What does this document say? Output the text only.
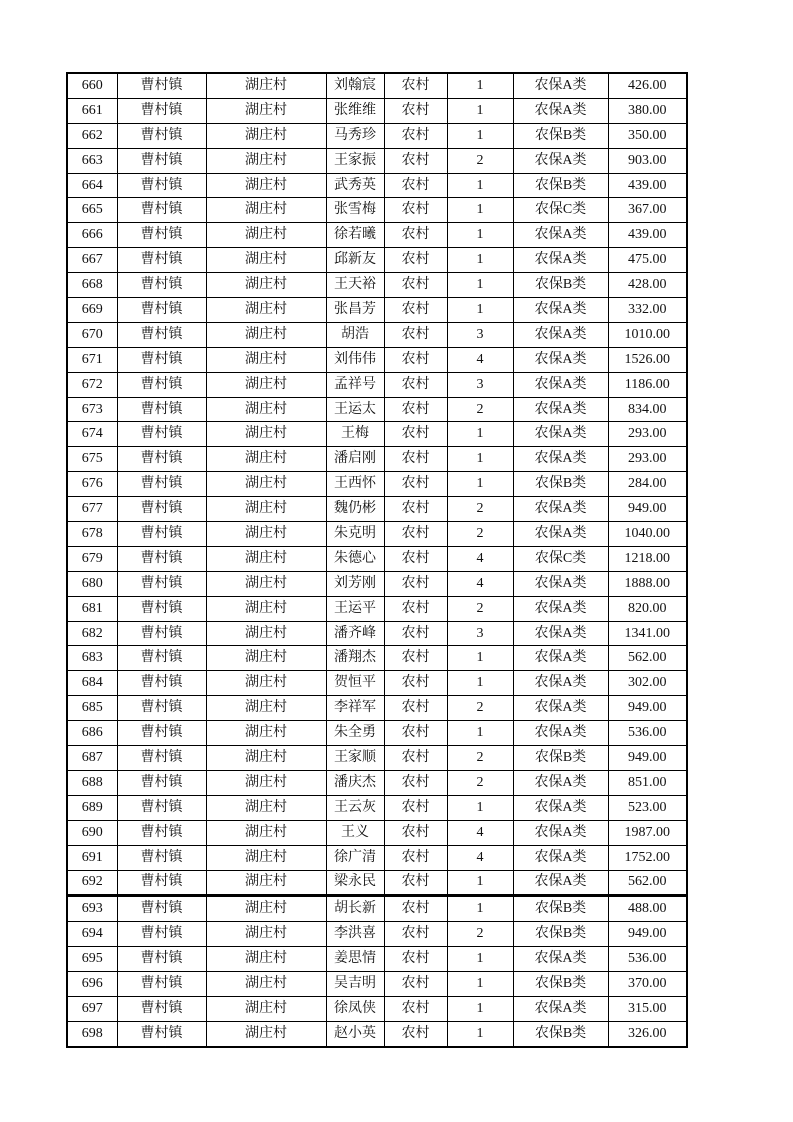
660	曹村镇	湖庄村	刘翰宸	农村	1	农保A类	426.00
661	曹村镇	湖庄村	张维维	农村	1	农保A类	380.00
662	曹村镇	湖庄村	马秀珍	农村	1	农保B类	350.00
663	曹村镇	湖庄村	王家振	农村	2	农保A类	903.00
664	曹村镇	湖庄村	武秀英	农村	1	农保B类	439.00
665	曹村镇	湖庄村	张雪梅	农村	1	农保C类	367.00
666	曹村镇	湖庄村	徐若曦	农村	1	农保A类	439.00
667	曹村镇	湖庄村	邱新友	农村	1	农保A类	475.00
668	曹村镇	湖庄村	王天裕	农村	1	农保B类	428.00
669	曹村镇	湖庄村	张昌芳	农村	1	农保A类	332.00
670	曹村镇	湖庄村	胡浩	农村	3	农保A类	1010.00
671	曹村镇	湖庄村	刘伟伟	农村	4	农保A类	1526.00
672	曹村镇	湖庄村	孟祥号	农村	3	农保A类	1186.00
673	曹村镇	湖庄村	王运太	农村	2	农保A类	834.00
674	曹村镇	湖庄村	王梅	农村	1	农保A类	293.00
675	曹村镇	湖庄村	潘启刚	农村	1	农保A类	293.00
676	曹村镇	湖庄村	王西怀	农村	1	农保B类	284.00
677	曹村镇	湖庄村	魏仍彬	农村	2	农保A类	949.00
678	曹村镇	湖庄村	朱克明	农村	2	农保A类	1040.00
679	曹村镇	湖庄村	朱德心	农村	4	农保C类	1218.00
680	曹村镇	湖庄村	刘芳刚	农村	4	农保A类	1888.00
681	曹村镇	湖庄村	王运平	农村	2	农保A类	820.00
682	曹村镇	湖庄村	潘齐峰	农村	3	农保A类	1341.00
683	曹村镇	湖庄村	潘翔杰	农村	1	农保A类	562.00
684	曹村镇	湖庄村	贺恒平	农村	1	农保A类	302.00
685	曹村镇	湖庄村	李祥军	农村	2	农保A类	949.00
686	曹村镇	湖庄村	朱全勇	农村	1	农保A类	536.00
687	曹村镇	湖庄村	王家顺	农村	2	农保B类	949.00
688	曹村镇	湖庄村	潘庆杰	农村	2	农保A类	851.00
689	曹村镇	湖庄村	王云灰	农村	1	农保A类	523.00
690	曹村镇	湖庄村	王义	农村	4	农保A类	1987.00
691	曹村镇	湖庄村	徐广清	农村	4	农保A类	1752.00
692	曹村镇	湖庄村	梁永民	农村	1	农保A类	562.00
693	曹村镇	湖庄村	胡长新	农村	1	农保B类	488.00
694	曹村镇	湖庄村	李洪喜	农村	2	农保B类	949.00
695	曹村镇	湖庄村	姜思情	农村	1	农保A类	536.00
696	曹村镇	湖庄村	吴吉明	农村	1	农保B类	370.00
697	曹村镇	湖庄村	徐凤侠	农村	1	农保A类	315.00
698	曹村镇	湖庄村	赵小英	农村	1	农保B类	326.00
